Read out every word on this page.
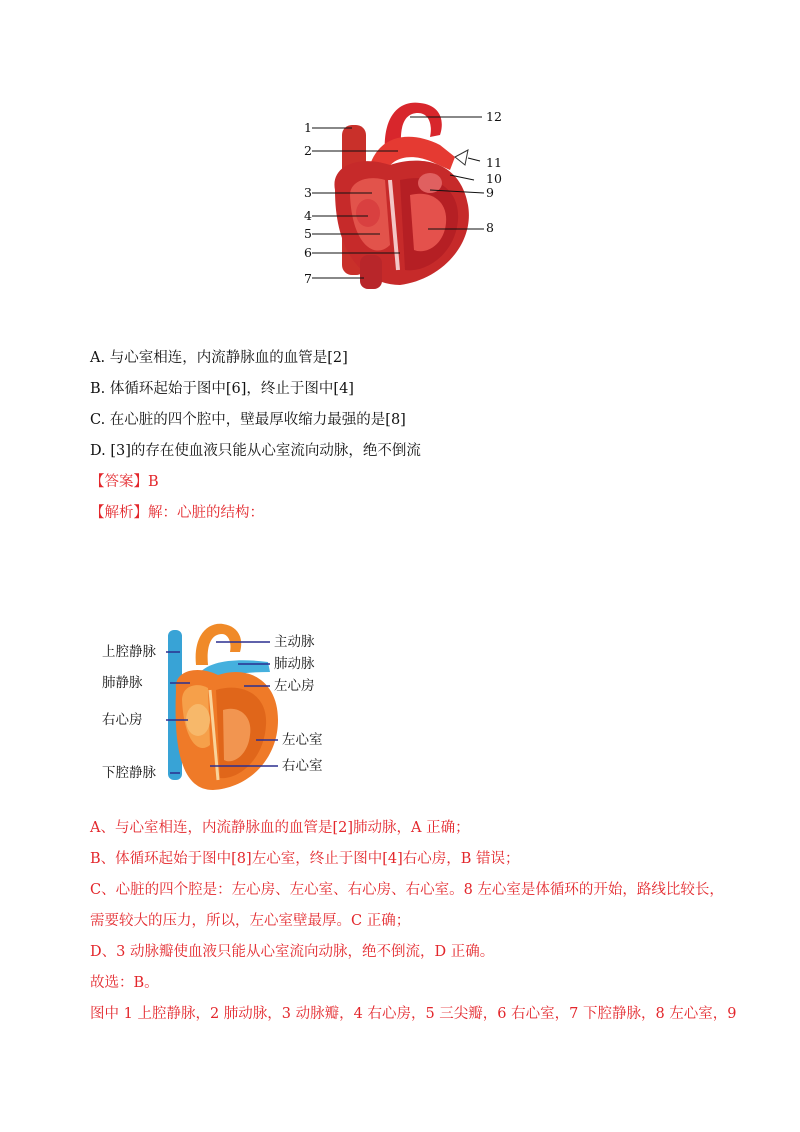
1
2
3
4
5
6
7
8
9
10
11
12
A. 与心室相连，内流静脉血的血管是[2]
B. 体循环起始于图中[6]，终止于图中[4]
C. 在心脏的四个腔中，壁最厚收缩力最强的是[8]
D. [3]的存在使血液只能从心室流向动脉，绝不倒流
【答案】B
【解析】解：心脏的结构：
上腔静脉
肺静脉
右心房
下腔静脉
主动脉
肺动脉
左心房
左心室
右心室
A、与心室相连，内流静脉血的血管是[2]肺动脉，A 正确；
B、体循环起始于图中[8]左心室，终止于图中[4]右心房，B 错误；
C、心脏的四个腔是：左心房、左心室、右心房、右心室。8 左心室是体循环的开始，路线比较长，
需要较大的压力，所以，左心室壁最厚。C 正确；
D、3 动脉瓣使血液只能从心室流向动脉，绝不倒流，D 正确。
故选：B。
图中 1 上腔静脉，2 肺动脉，3 动脉瓣，4 右心房，5 三尖瓣，6 右心室，7 下腔静脉，8 左心室，9
